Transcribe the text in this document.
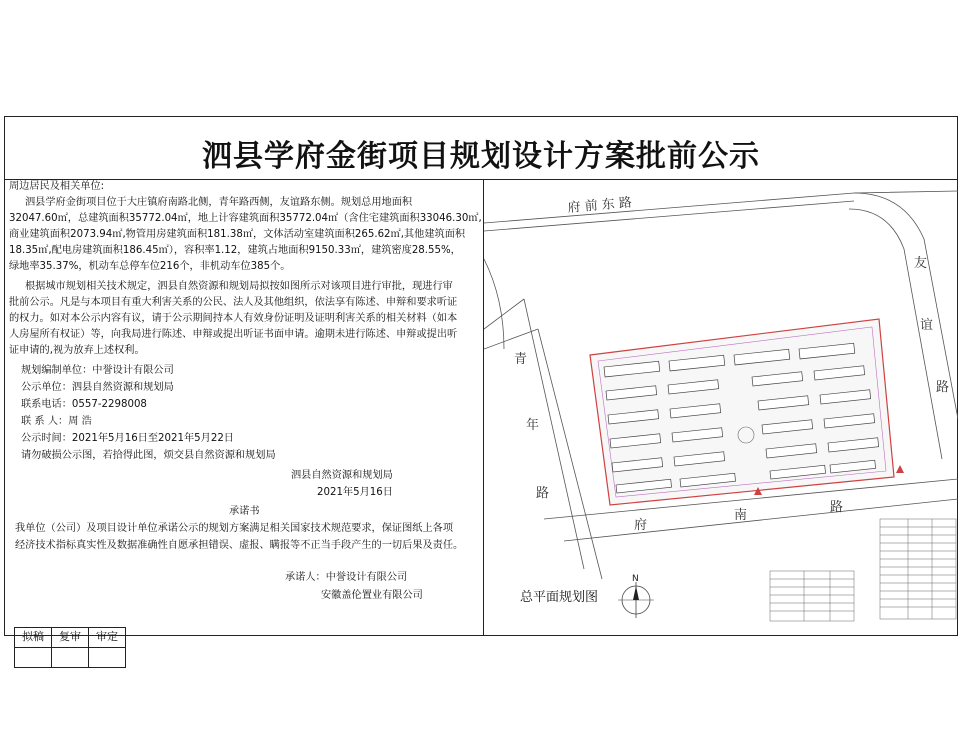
泗县学府金街项目规划设计方案批前公示
周边居民及相关单位:
泗县学府金街项目位于大庄镇府南路北侧，青年路西侧，友谊路东侧。规划总用地面积
32047.60㎡，总建筑面积35772.04㎡，地上计容建筑面积35772.04㎡（含住宅建筑面积33046.30㎡,
商业建筑面积2073.94㎡,物管用房建筑面积181.38㎡，文体活动室建筑面积265.62㎡,其他建筑面积
18.35㎡,配电房建筑面积186.45㎡），容积率1.12，建筑占地面积9150.33㎡，建筑密度28.55%，
绿地率35.37%，机动车总停车位216个，非机动车位385个。
根据城市规划相关技术规定，泗县自然资源和规划局拟按如图所示对该项目进行审批，现进行审
批前公示。凡是与本项目有重大利害关系的公民、法人及其他组织，依法享有陈述、申辩和要求听证
的权力。如对本公示内容有议，请于公示期间持本人有效身份证明及证明利害关系的相关材料（如本
人房屋所有权证）等，向我局进行陈述、申辩或提出听证书面申请。逾期未进行陈述、申辩或提出听
证申请的,视为放弃上述权利。
规划编制单位：中誉设计有限公司
公示单位：泗县自然资源和规划局
联系电话：0557-2298008
联 系 人：周 浩
公示时间：2021年5月16日至2021年5月22日
请勿破损公示图，若拾得此图，烦交县自然资源和规划局
泗县自然资源和规划局
2021年5月16日
承诺书
我单位（公司）及项目设计单位承诺公示的规划方案满足相关国家技术规范要求，保证图纸上各项
经济技术指标真实性及数据准确性自愿承担错误、虚报、瞒报等不正当手段产生的一切后果及责任。
拟稿	复审	审定

承诺人：中誉设计有限公司
安徽盖伦置业有限公司
府 前 东 路
友
谊
路
青
年
路
府
南
路
N
总平面规划图
